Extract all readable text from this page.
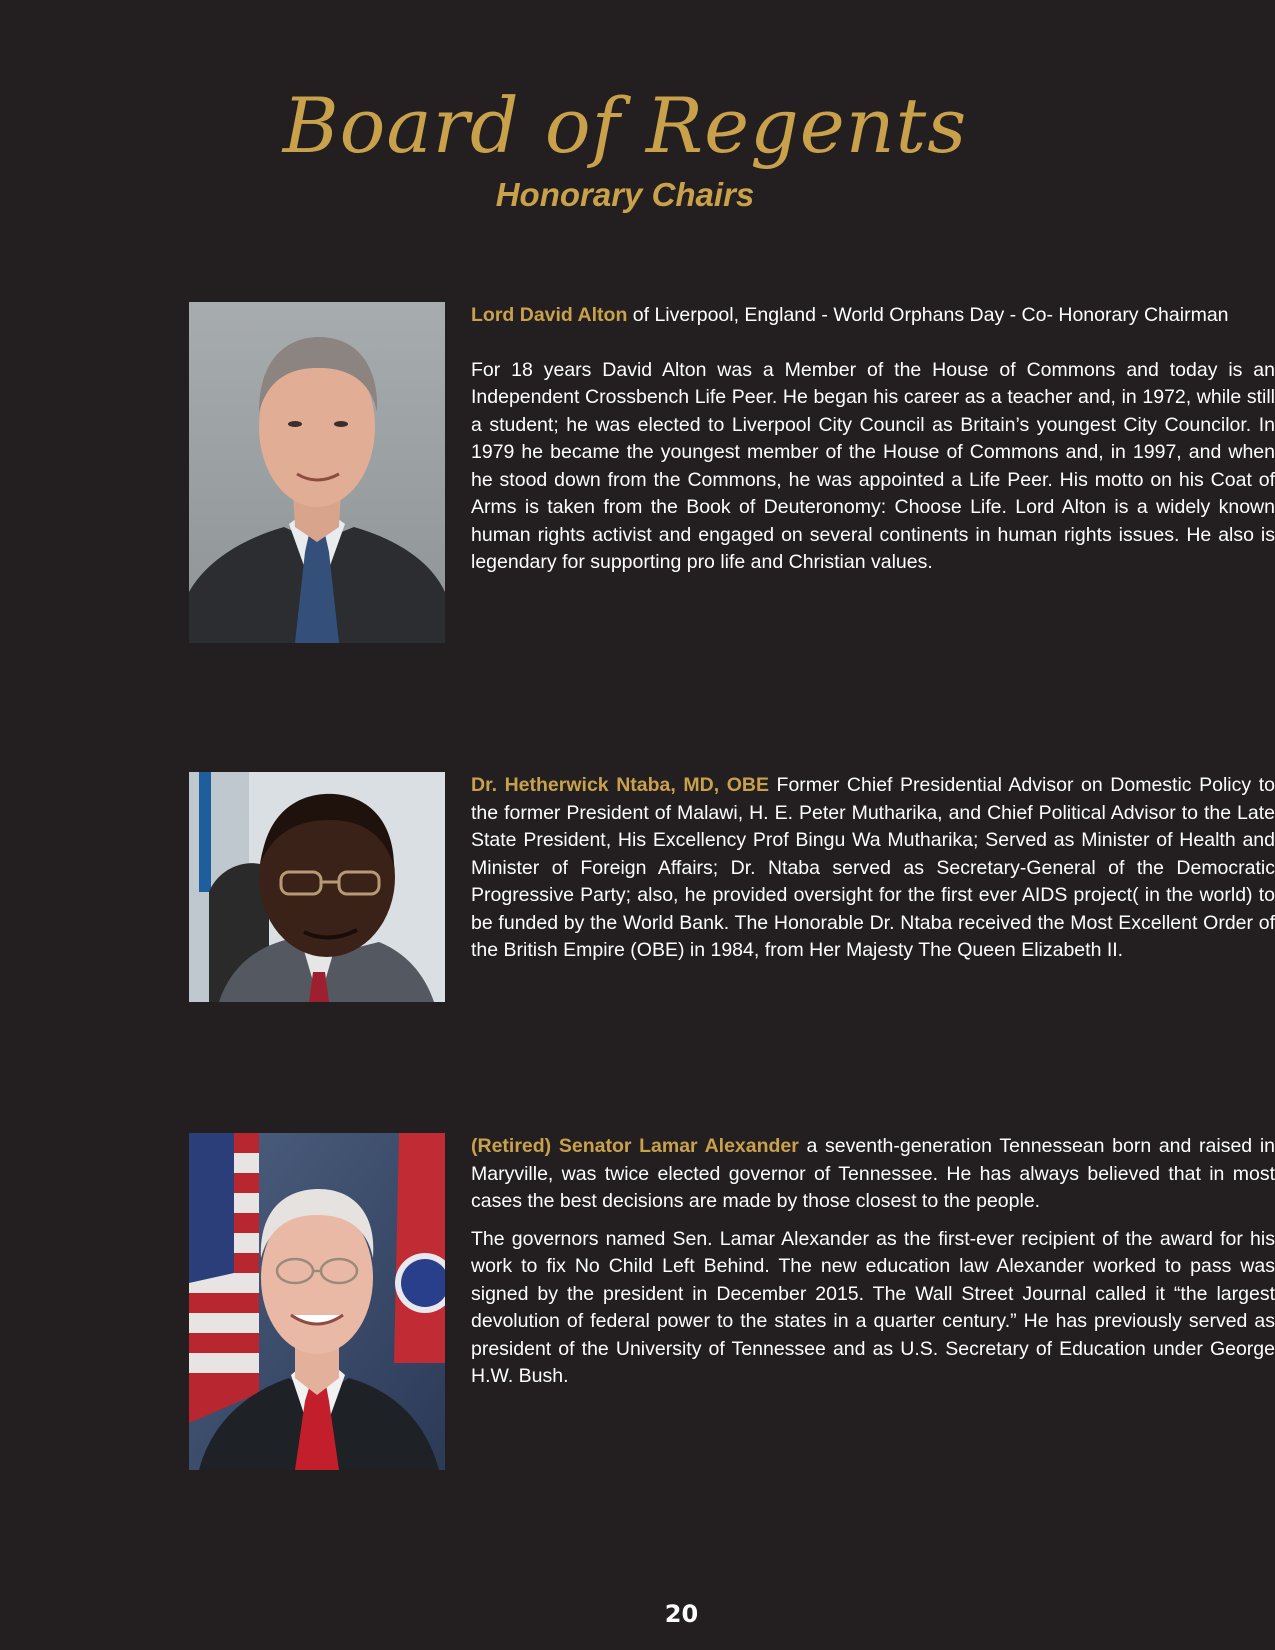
Board of Regents
Honorary Chairs

Lord David Alton of Liverpool, England - World Orphans Day - Co- Honorary Chairman

For 18 years David Alton was a Member of the House of Commons and today is an Independent Crossbench Life Peer. He began his career as a teacher and, in 1972, while still a student; he was elected to Liverpool City Council as Britain’s youngest City Councilor. In 1979 he became the youngest member of the House of Commons and, in 1997, and when he stood down from the Commons, he was appointed a Life Peer. His motto on his Coat of Arms is taken from the Book of Deuteronomy: Choose Life. Lord Alton is a widely known human rights activist and engaged on several continents in human rights issues. He also is legendary for supporting pro life and Christian values.

Dr. Hetherwick Ntaba, MD, OBE Former Chief Presidential Advisor on Domestic Policy to the former President of Malawi, H. E. Peter Mutharika, and Chief Political Advisor to the Late State President, His Excellency Prof Bingu Wa Mutharika; Served as Minister of Health and Minister of Foreign Affairs; Dr. Ntaba served as Secretary-General of the Democratic Progressive Party; also, he provided oversight for the first ever AIDS project( in the world) to be funded by the World Bank. The Honorable Dr. Ntaba received the Most Excellent Order of the British Empire (OBE) in 1984, from Her Majesty The Queen Elizabeth II.

(Retired) Senator Lamar Alexander a seventh-generation Tennessean born and raised in Maryville, was twice elected governor of Tennessee. He has always believed that in most cases the best decisions are made by those closest to the people.

The governors named Sen. Lamar Alexander as the first-ever recipient of the award for his work to fix No Child Left Behind. The new education law Alexander worked to pass was signed by the president in December 2015. The Wall Street Journal called it “the largest devolution of federal power to the states in a quarter century.” He has previously served as president of the University of Tennessee and as U.S. Secretary of Education under George H.W. Bush.

20
